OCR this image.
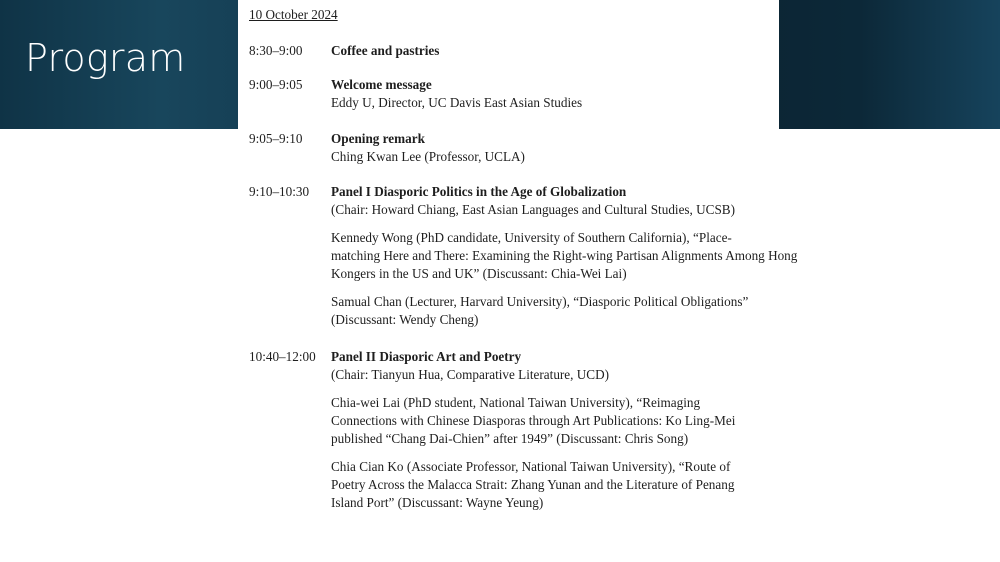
Program
10 October 2024
8:30–9:00 Coffee and pastries
9:00–9:05 Welcome message
Eddy U, Director, UC Davis East Asian Studies
9:05–9:10 Opening remark
Ching Kwan Lee (Professor, UCLA)
9:10–10:30 Panel I Diasporic Politics in the Age of Globalization
(Chair: Howard Chiang, East Asian Languages and Cultural Studies, UCSB)
Kennedy Wong (PhD candidate, University of Southern California), “Place-
matching Here and There: Examining the Right-wing Partisan Alignments Among Hong
Kongers in the US and UK” (Discussant: Chia-Wei Lai)
Samual Chan (Lecturer, Harvard University), “Diasporic Political Obligations”
(Discussant: Wendy Cheng)
10:40–12:00 Panel II Diasporic Art and Poetry
(Chair: Tianyun Hua, Comparative Literature, UCD)
Chia-wei Lai (PhD student, National Taiwan University), “Reimaging
Connections with Chinese Diasporas through Art Publications: Ko Ling-Mei
published “Chang Dai-Chien” after 1949” (Discussant: Chris Song)
Chia Cian Ko (Associate Professor, National Taiwan University), “Route of
Poetry Across the Malacca Strait: Zhang Yunan and the Literature of Penang
Island Port” (Discussant: Wayne Yeung)
